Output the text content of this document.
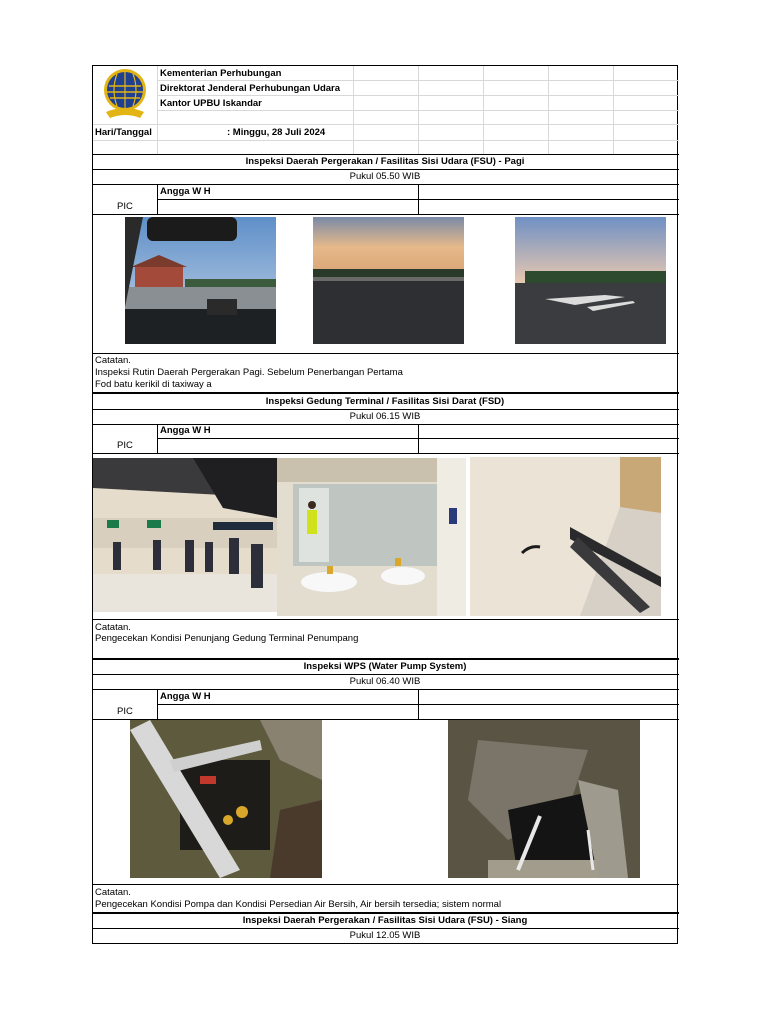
Kementerian Perhubungan
Direktorat Jenderal Perhubungan Udara
Kantor UPBU Iskandar
Hari/Tanggal	: Minggu, 28 Juli 2024
Inspeksi Daerah Pergerakan / Fasilitas Sisi Udara (FSU) - Pagi
Pukul 05.50 WIB
Angga W H
PIC
Catatan.
Inspeksi Rutin Daerah Pergerakan Pagi. Sebelum Penerbangan Pertama
Fod batu kerikil di taxiway a
Inspeksi Gedung Terminal / Fasilitas Sisi Darat (FSD)
Pukul 06.15 WIB
Angga W H
PIC
Catatan.
Pengecekan Kondisi Penunjang Gedung Terminal Penumpang
Inspeksi WPS (Water Pump System)
Pukul 06.40 WIB
Angga W H
PIC
Catatan.
Pengecekan Kondisi Pompa dan Kondisi Persedian Air Bersih, Air bersih tersedia; sistem normal
Inspeksi Daerah Pergerakan / Fasilitas Sisi Udara (FSU) - Siang
Pukul 12.05 WIB
